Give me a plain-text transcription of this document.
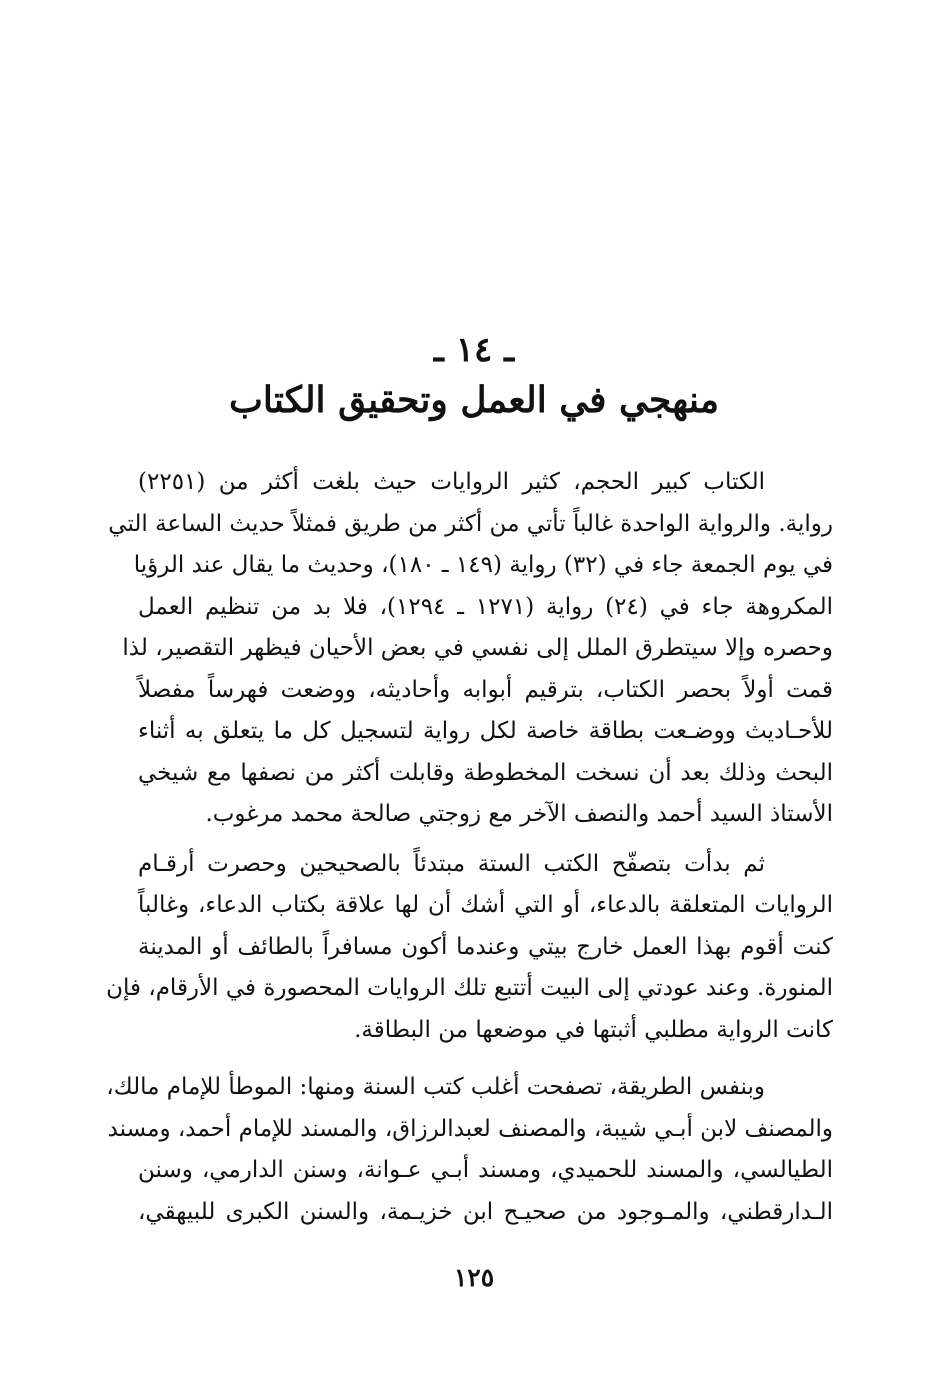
ـ ١٤ ـ
منهجي في العمل وتحقيق الكتاب
الكتاب كبير الحجم، كثير الروايات حيث بلغت أكثر من (٢٢٥١)
رواية. والرواية الواحدة غالباً تأتي من أكثر من طريق فمثلاً حديث الساعة التي
في يوم الجمعة جاء في (٣٢) رواية (١٤٩ ـ ١٨٠)، وحديث ما يقال عند الرؤيا
المكروهة جاء في (٢٤) رواية (١٢٧١ ـ ١٢٩٤)، فلا بد من تنظيم العمل
وحصره وإلا سيتطرق الملل إلى نفسي في بعض الأحيان فيظهر التقصير، لذا
قمت أولاً بحصر الكتاب، بترقيم أبوابه وأحاديثه، ووضعت فهرساً مفصلاً
للأحـاديث ووضـعت بطاقة خاصة لكل رواية لتسجيل كل ما يتعلق به أثناء
البحث وذلك بعد أن نسخت المخطوطة وقابلت أكثر من نصفها مع شيخي
الأستاذ السيد أحمد والنصف الآخر مع زوجتي صالحة محمد مرغوب.
ثم بدأت بتصفّح الكتب الستة مبتدئاً بالصحيحين وحصرت أرقـام
الروايات المتعلقة بالدعاء، أو التي أشك أن لها علاقة بكتاب الدعاء، وغالباً
كنت أقوم بهذا العمل خارج بيتي وعندما أكون مسافراً بالطائف أو المدينة
المنورة. وعند عودتي إلى البيت أتتبع تلك الروايات المحصورة في الأرقام، فإن
كانت الرواية مطلبي أثبتها في موضعها من البطاقة.
وبنفس الطريقة، تصفحت أغلب كتب السنة ومنها: الموطأ للإمام مالك،
والمصنف لابن أبـي شيبة، والمصنف لعبدالرزاق، والمسند للإمام أحمد، ومسند
الطيالسي، والمسند للحميدي، ومسند أبـي عـوانة، وسنن الدارمي، وسنن
الـدارقطني، والمـوجود من صحيـح ابن خزيـمة، والسنن الكبرى للبيهقي،
١٢٥
